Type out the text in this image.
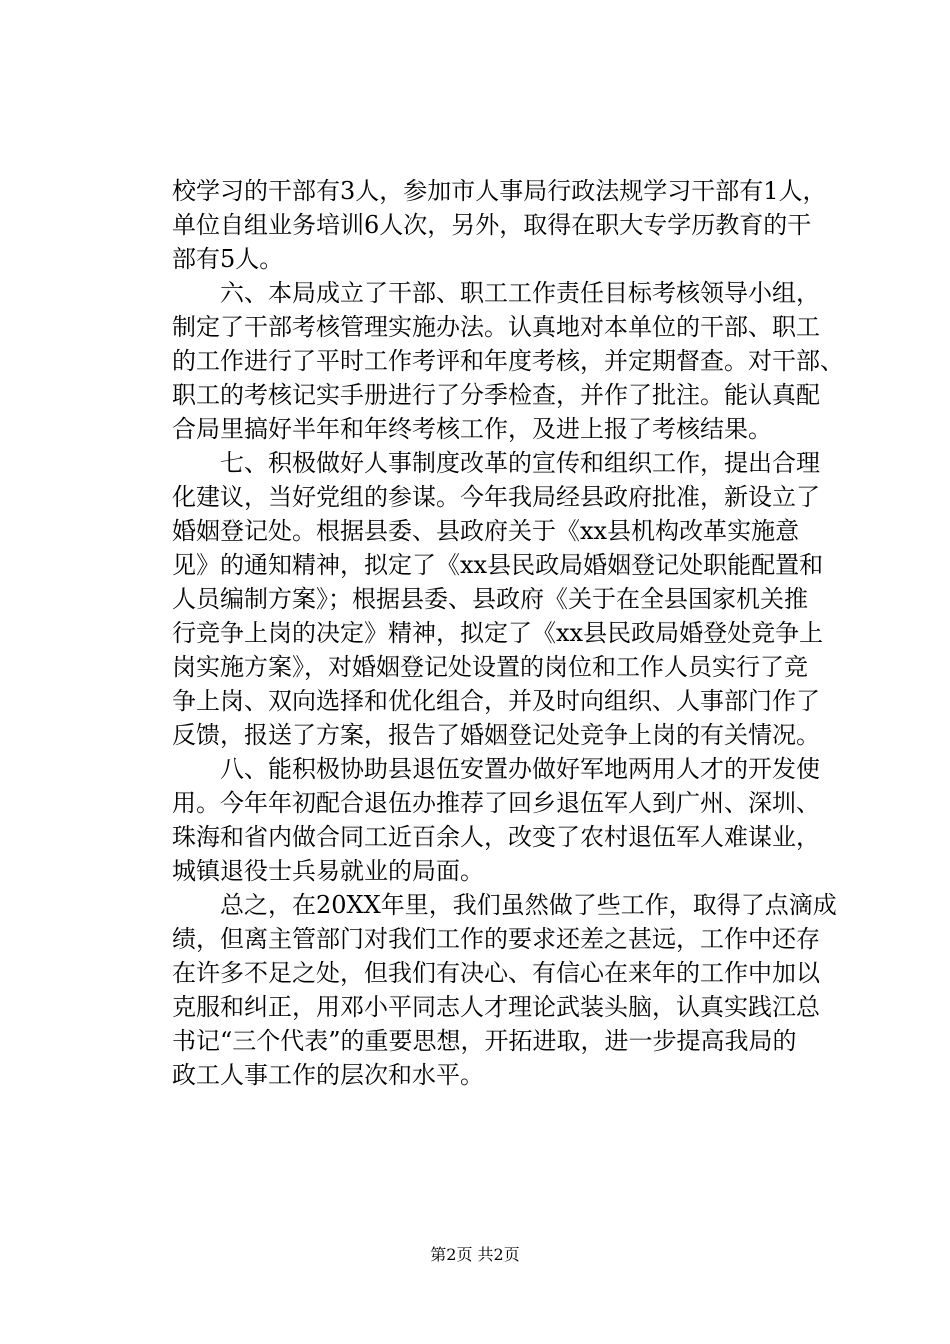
校学习的干部有3人，参加市人事局行政法规学习干部有1人，
单位自组业务培训6人次，另外，取得在职大专学历教育的干
部有5人。
　　六、本局成立了干部、职工工作责任目标考核领导小组，
制定了干部考核管理实施办法。认真地对本单位的干部、职工
的工作进行了平时工作考评和年度考核，并定期督查。对干部、
职工的考核记实手册进行了分季检查，并作了批注。能认真配
合局里搞好半年和年终考核工作，及进上报了考核结果。
　　七、积极做好人事制度改革的宣传和组织工作，提出合理
化建议，当好党组的参谋。今年我局经县政府批准，新设立了
婚姻登记处。根据县委、县政府关于《xx县机构改革实施意
见》的通知精神，拟定了《xx县民政局婚姻登记处职能配置和
人员编制方案》；根据县委、县政府《关于在全县国家机关推
行竞争上岗的决定》精神，拟定了《xx县民政局婚登处竞争上
岗实施方案》，对婚姻登记处设置的岗位和工作人员实行了竞
争上岗、双向选择和优化组合，并及时向组织、人事部门作了
反馈，报送了方案，报告了婚姻登记处竞争上岗的有关情况。
　　八、能积极协助县退伍安置办做好军地两用人才的开发使
用。今年年初配合退伍办推荐了回乡退伍军人到广州、深圳、
珠海和省内做合同工近百余人，改变了农村退伍军人难谋业，
城镇退役士兵易就业的局面。
　　总之，在20XX年里，我们虽然做了些工作，取得了点滴成
绩，但离主管部门对我们工作的要求还差之甚远，工作中还存
在许多不足之处，但我们有决心、有信心在来年的工作中加以
克服和纠正，用邓小平同志人才理论武装头脑，认真实践江总
书记“三个代表”的重要思想，开拓进取，进一步提高我局的
政工人事工作的层次和水平。
第2页 共2页
